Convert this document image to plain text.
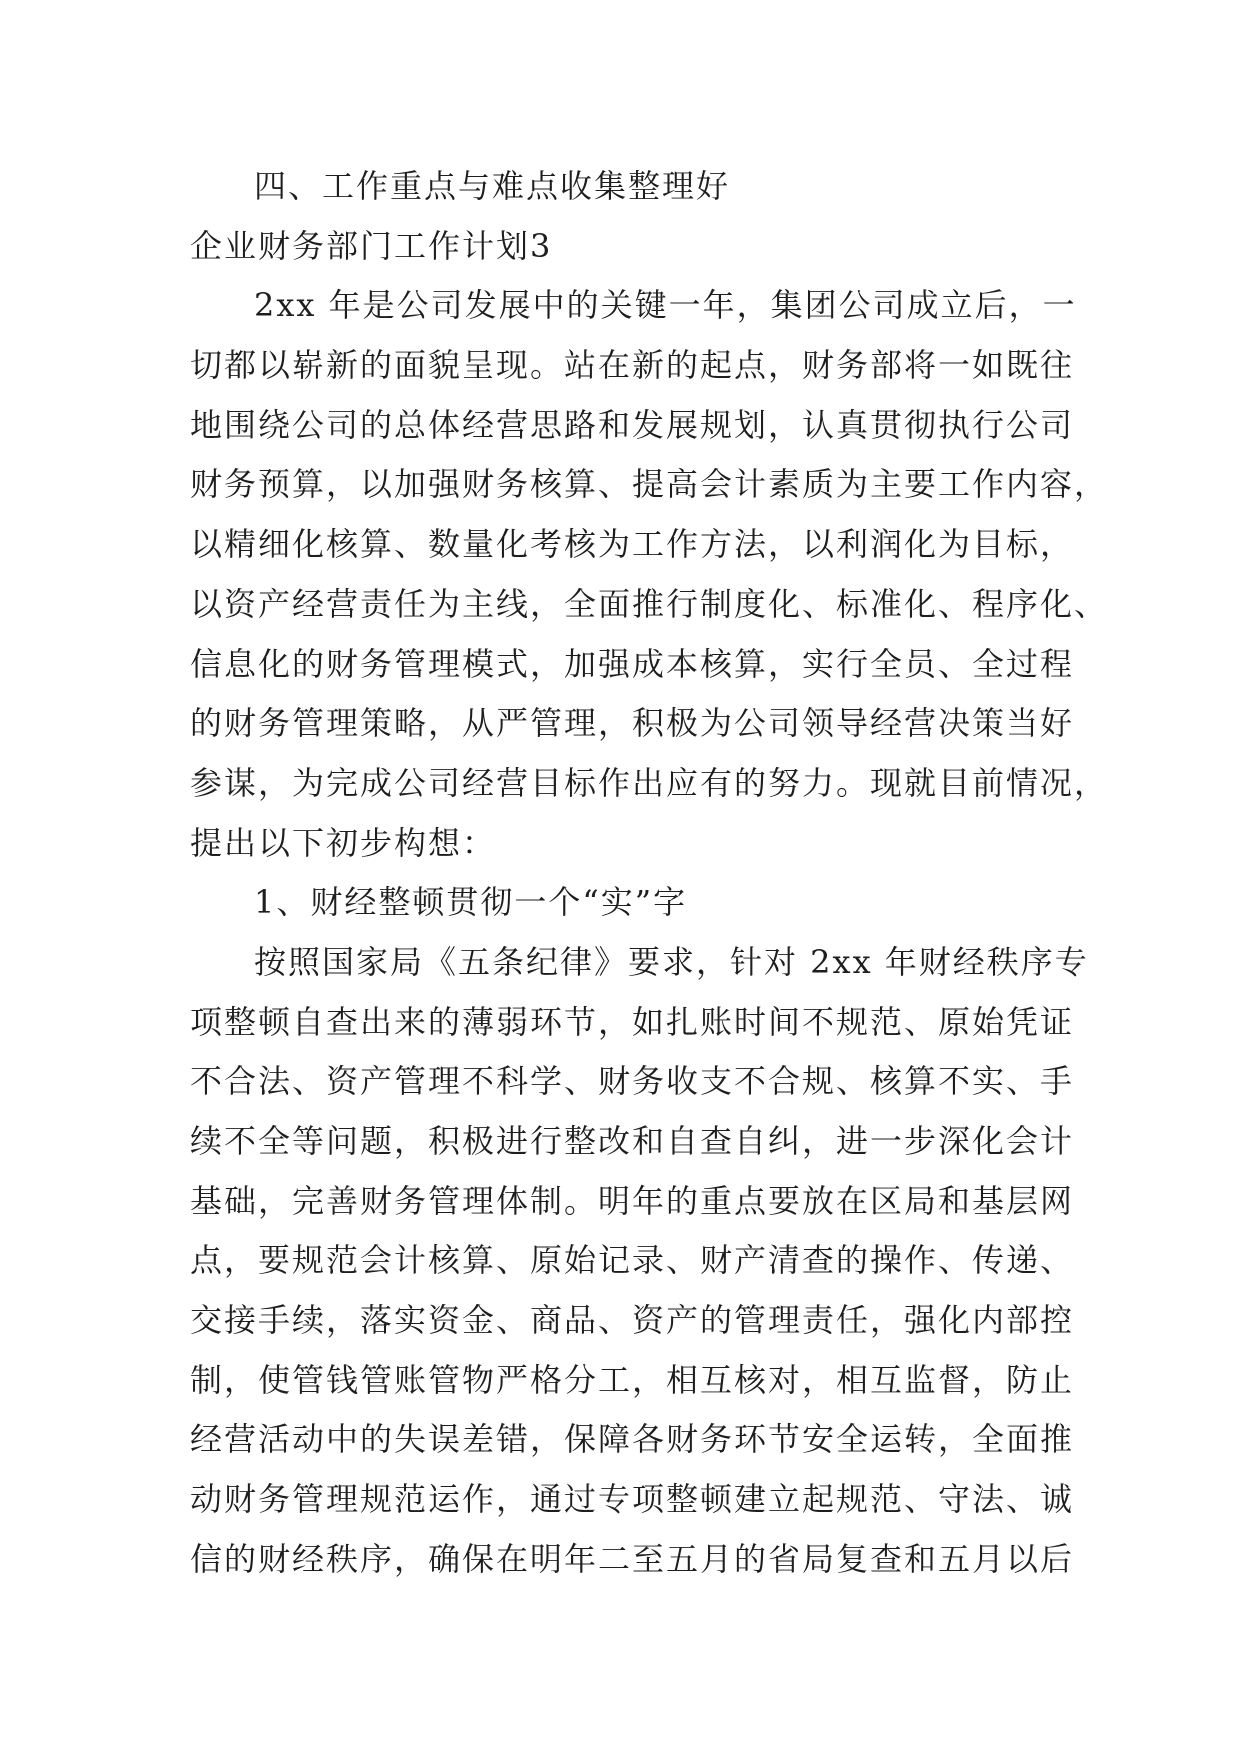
四、工作重点与难点收集整理好
企业财务部门工作计划3
2xx 年是公司发展中的关键一年，集团公司成立后，一
切都以崭新的面貌呈现。站在新的起点，财务部将一如既往
地围绕公司的总体经营思路和发展规划，认真贯彻执行公司
财务预算，以加强财务核算、提高会计素质为主要工作内容，
以精细化核算、数量化考核为工作方法，以利润化为目标，
以资产经营责任为主线，全面推行制度化、标准化、程序化、
信息化的财务管理模式，加强成本核算，实行全员、全过程
的财务管理策略，从严管理，积极为公司领导经营决策当好
参谋，为完成公司经营目标作出应有的努力。现就目前情况，
提出以下初步构想：
1、财经整顿贯彻一个“实”字
按照国家局《五条纪律》要求，针对 2xx 年财经秩序专
项整顿自查出来的薄弱环节，如扎账时间不规范、原始凭证
不合法、资产管理不科学、财务收支不合规、核算不实、手
续不全等问题，积极进行整改和自查自纠，进一步深化会计
基础，完善财务管理体制。明年的重点要放在区局和基层网
点，要规范会计核算、原始记录、财产清查的操作、传递、
交接手续，落实资金、商品、资产的管理责任，强化内部控
制，使管钱管账管物严格分工，相互核对，相互监督，防止
经营活动中的失误差错，保障各财务环节安全运转，全面推
动财务管理规范运作，通过专项整顿建立起规范、守法、诚
信的财经秩序，确保在明年二至五月的省局复查和五月以后
